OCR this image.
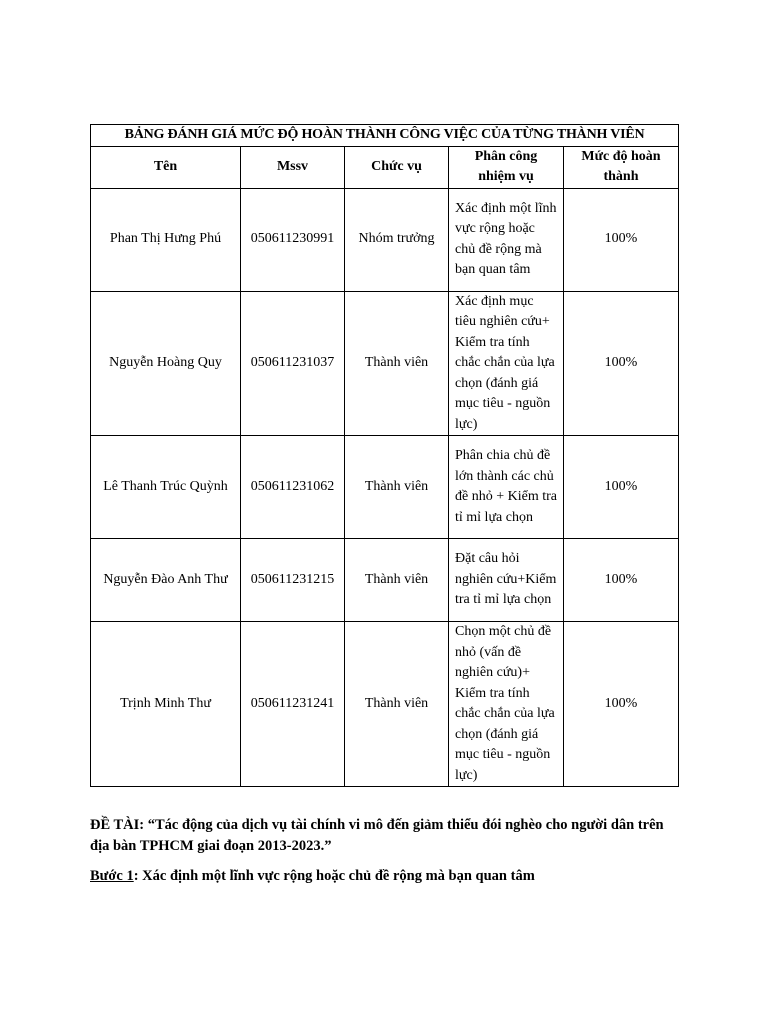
BẢNG ĐÁNH GIÁ MỨC ĐỘ HOÀN THÀNH CÔNG VIỆC CỦA TỪNG THÀNH VIÊN				
Tên	Mssv	Chức vụ	Phân công nhiệm vụ	Mức độ hoàn thành
Phan Thị Hưng Phú	050611230991	Nhóm trưởng	Xác định một lĩnh vực rộng hoặc chủ đề rộng mà bạn quan tâm	100%
Nguyễn Hoàng Quy	050611231037	Thành viên	Xác định mục tiêu nghiên cứu+ Kiểm tra tính chắc chắn của lựa chọn (đánh giá mục tiêu - nguồn lực)	100%
Lê Thanh Trúc Quỳnh	050611231062	Thành viên	Phân chia chủ đề lớn thành các chủ đề nhỏ + Kiểm tra tỉ mỉ lựa chọn	100%
Nguyễn Đào Anh Thư	050611231215	Thành viên	Đặt câu hỏi nghiên cứu+Kiểm tra tỉ mỉ lựa chọn	100%
Trịnh Minh Thư	050611231241	Thành viên	Chọn một chủ đề nhỏ (vấn đề nghiên cứu)+ Kiểm tra tính chắc chắn của lựa chọn (đánh giá mục tiêu - nguồn lực)	100%

ĐỀ TÀI: “Tác động của dịch vụ tài chính vi mô đến giảm thiểu đói nghèo cho người dân trên địa bàn TPHCM giai đoạn 2013-2023.”

Bước 1: Xác định một lĩnh vực rộng hoặc chủ đề rộng mà bạn quan tâm
